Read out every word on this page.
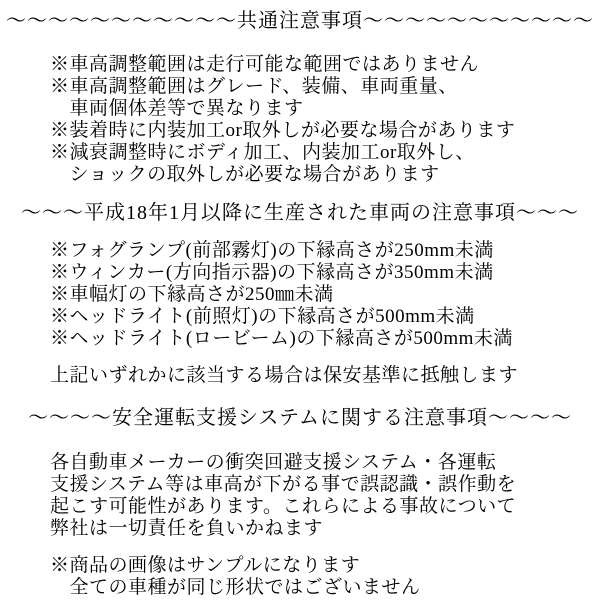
～～～～～～～～～～～共通注意事項～～～～～～～～～～～
※車高調整範囲は走行可能な範囲ではありません
※車高調整範囲はグレード、装備、車両重量、
　車両個体差等で異なります
※装着時に内装加工or取外しが必要な場合があります
※減衰調整時にボディ加工、内装加工or取外し、
　ショックの取外しが必要な場合があります
～～～平成18年1月以降に生産された車両の注意事項～～～
※フォグランプ(前部霧灯)の下縁高さが250mm未満
※ウィンカー(方向指示器)の下縁高さが350mm未満
※車幅灯の下縁高さが250㎜未満
※ヘッドライト(前照灯)の下縁高さが500mm未満
※ヘッドライト(ロービーム)の下縁高さが500mm未満
上記いずれかに該当する場合は保安基準に抵触します
～～～～安全運転支援システムに関する注意事項～～～～
各自動車メーカーの衝突回避支援システム・各運転
支援システム等は車高が下がる事で誤認識・誤作動を
起こす可能性があります。これらによる事故について
弊社は一切責任を負いかねます
※商品の画像はサンプルになります
　全ての車種が同じ形状ではございません
